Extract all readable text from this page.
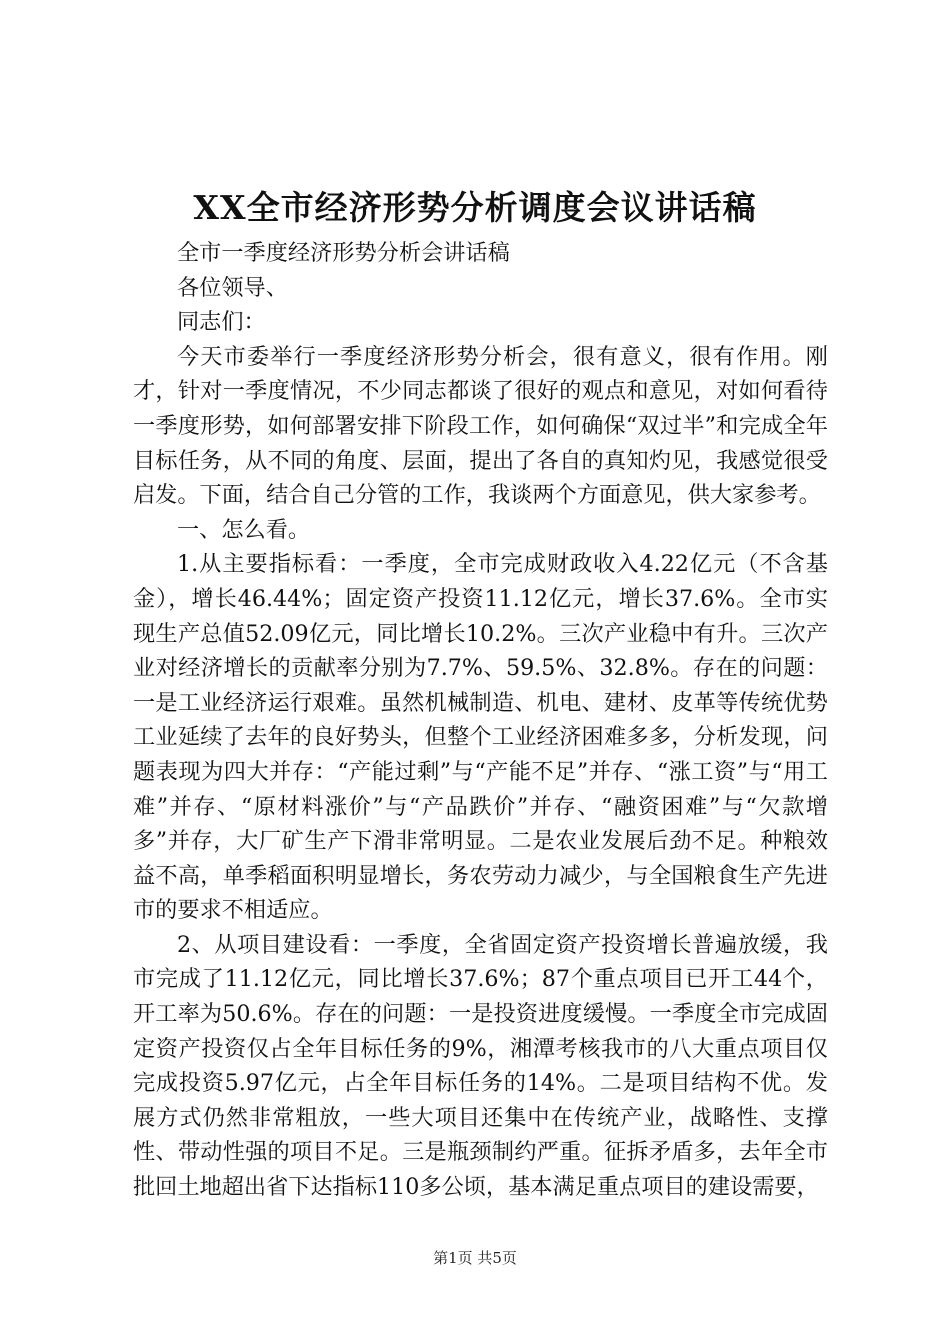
XX全市经济形势分析调度会议讲话稿

全市一季度经济形势分析会讲话稿

各位领导、

同志们：

今天市委举行一季度经济形势分析会，很有意义，很有作用。刚才，针对一季度情况，不少同志都谈了很好的观点和意见，对如何看待一季度形势，如何部署安排下阶段工作，如何确保“双过半”和完成全年目标任务，从不同的角度、层面，提出了各自的真知灼见，我感觉很受启发。下面，结合自己分管的工作，我谈两个方面意见，供大家参考。

一、怎么看。

1.从主要指标看：一季度，全市完成财政收入4.22亿元（不含基金），增长46.44%；固定资产投资11.12亿元，增长37.6%。全市实现生产总值52.09亿元，同比增长10.2%。三次产业稳中有升。三次产业对经济增长的贡献率分别为7.7%、59.5%、32.8%。存在的问题：一是工业经济运行艰难。虽然机械制造、机电、建材、皮革等传统优势工业延续了去年的良好势头，但整个工业经济困难多多，分析发现，问题表现为四大并存：“产能过剩”与“产能不足”并存、“涨工资”与“用工难”并存、“原材料涨价”与“产品跌价”并存、“融资困难”与“欠款增多”并存，大厂矿生产下滑非常明显。二是农业发展后劲不足。种粮效益不高，单季稻面积明显增长，务农劳动力减少，与全国粮食生产先进市的要求不相适应。

2、从项目建设看：一季度，全省固定资产投资增长普遍放缓，我市完成了11.12亿元，同比增长37.6%；87个重点项目已开工44个，开工率为50.6%。存在的问题：一是投资进度缓慢。一季度全市完成固定资产投资仅占全年目标任务的9%，湘潭考核我市的八大重点项目仅完成投资5.97亿元，占全年目标任务的14%。二是项目结构不优。发展方式仍然非常粗放，一些大项目还集中在传统产业，战略性、支撑性、带动性强的项目不足。三是瓶颈制约严重。征拆矛盾多，去年全市批回土地超出省下达指标110多公顷，基本满足重点项目的建设需要，

第1页 共5页
